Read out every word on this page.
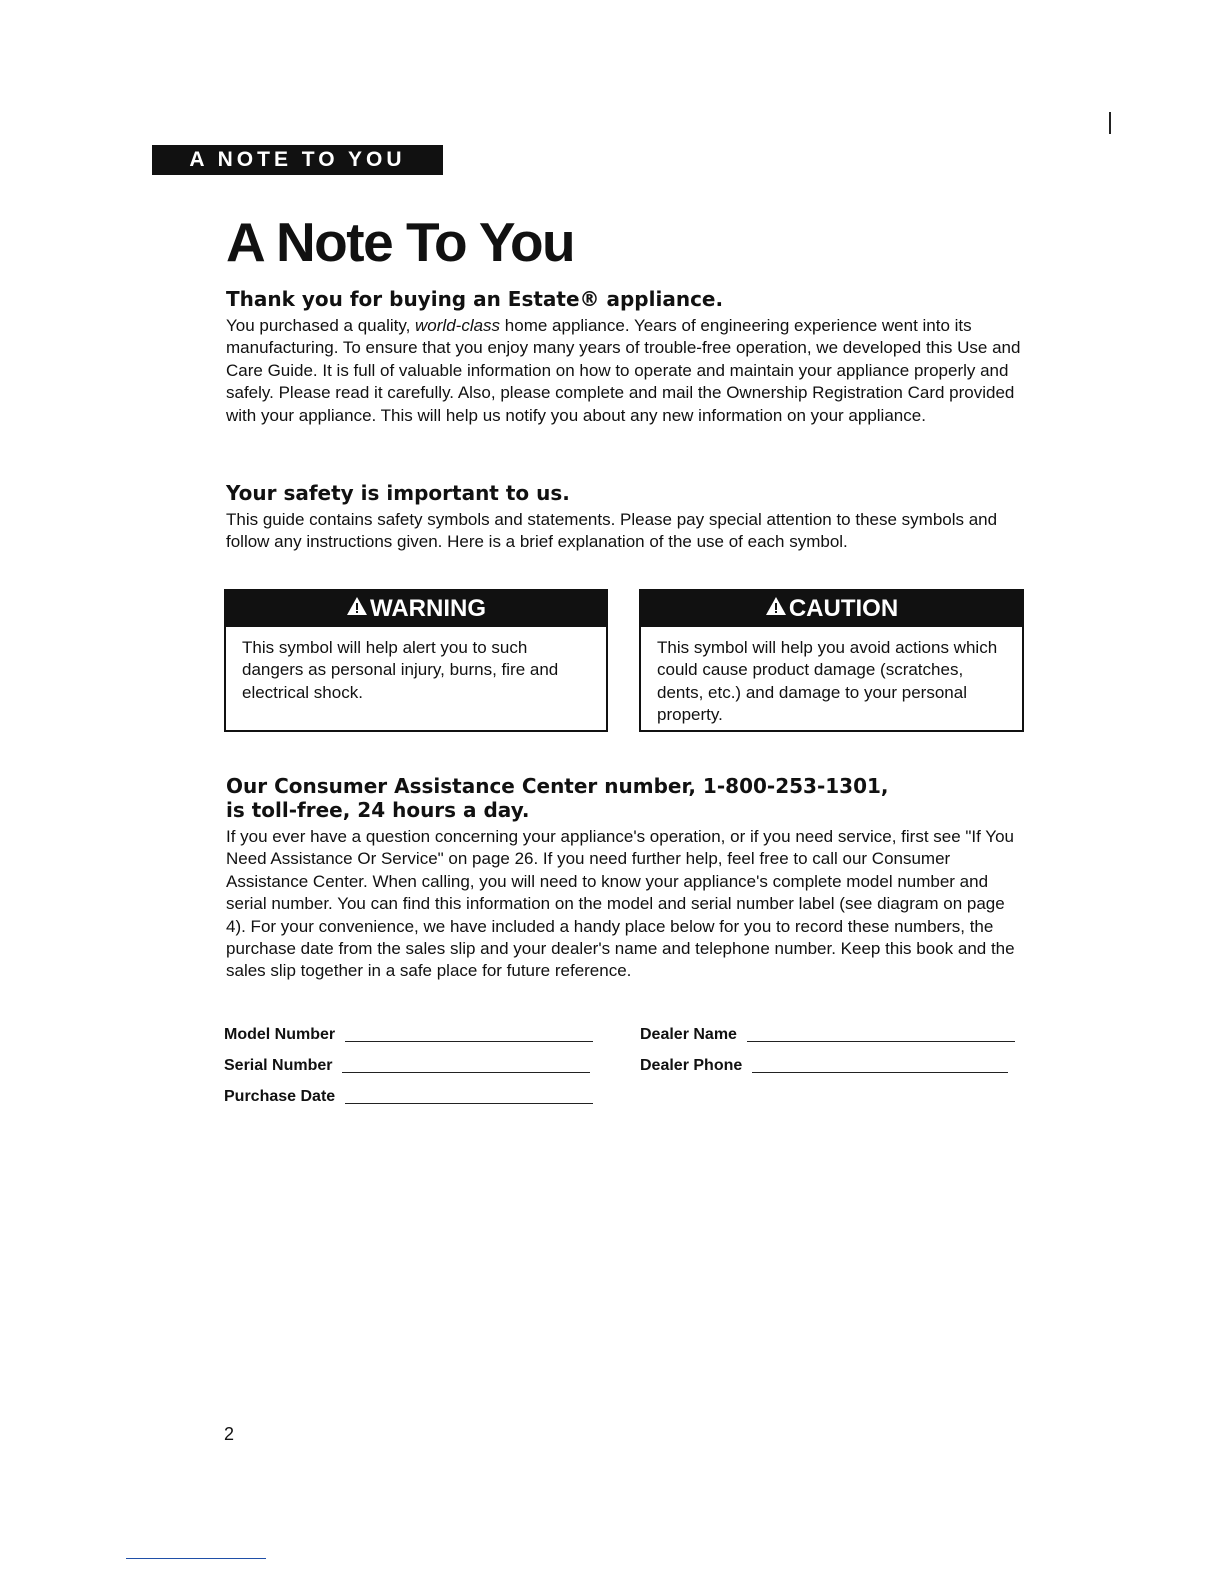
A NOTE TO YOU
A Note To You
Thank you for buying an Estate® appliance.

You purchased a quality, world-class home appliance. Years of engineering experience went into its manufacturing. To ensure that you enjoy many years of trouble-free operation, we developed this Use and Care Guide. It is full of valuable information on how to operate and maintain your appliance properly and safely. Please read it carefully. Also, please complete and mail the Ownership Registration Card provided with your appliance. This will help us notify you about any new information on your appliance.

Your safety is important to us.

This guide contains safety symbols and statements. Please pay special attention to these symbols and follow any instructions given. Here is a brief explanation of the use of each symbol.

WARNING
This symbol will help alert you to such dangers as personal injury, burns, fire and electrical shock.
CAUTION
This symbol will help you avoid actions which could cause product damage (scratches, dents, etc.) and damage to your personal property.
Our Consumer Assistance Center number, 1-800-253-1301,
is toll-free, 24 hours a day.

If you ever have a question concerning your appliance's operation, or if you need service, first see "If You Need Assistance Or Service" on page 26. If you need further help, feel free to call our Consumer Assistance Center. When calling, you will need to know your appliance's complete model number and serial number. You can find this information on the model and serial number label (see diagram on page 4). For your convenience, we have included a handy place below for you to record these numbers, the purchase date from the sales slip and your dealer's name and telephone number. Keep this book and the sales slip together in a safe place for future reference.

Model Number
Serial Number
Purchase Date
Dealer Name
Dealer Phone
2
